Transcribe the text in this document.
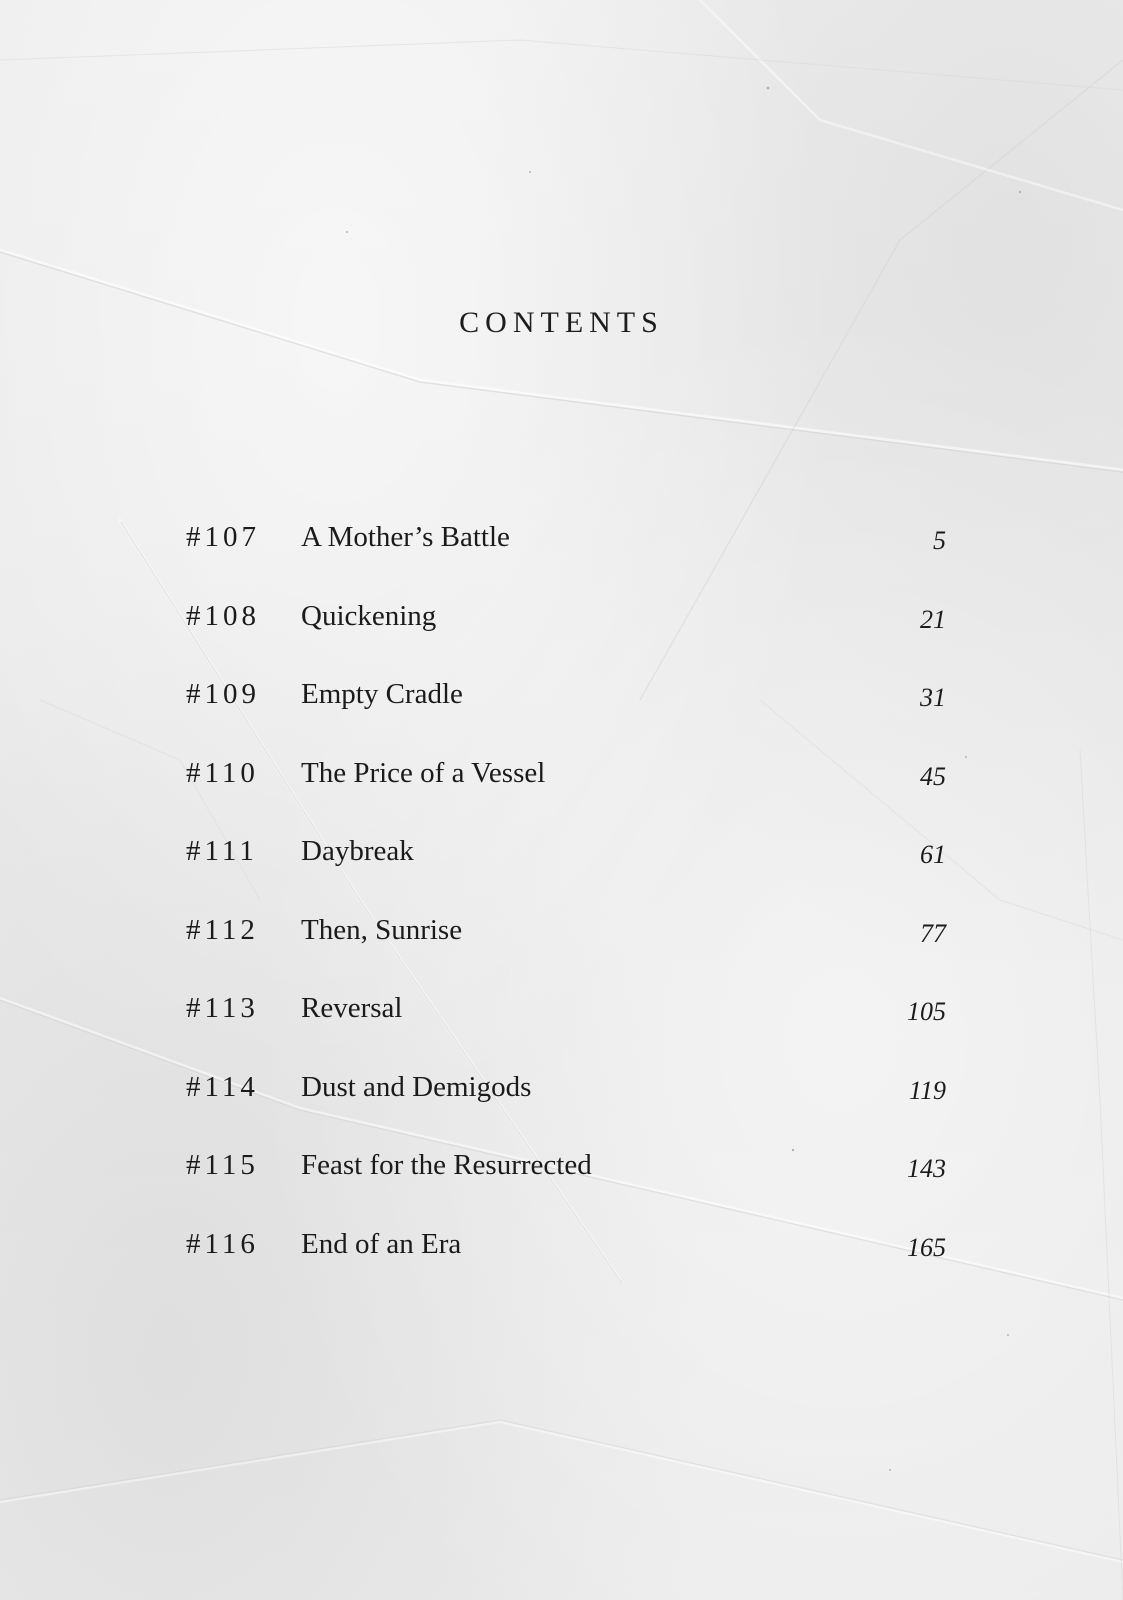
CONTENTS
#107 A Mother’s Battle	5
#108 Quickening	21
#109 Empty Cradle	31
#110 The Price of a Vessel	45
#111 Daybreak	61
#112 Then, Sunrise	77
#113 Reversal	105
#114 Dust and Demigods	119
#115 Feast for the Resurrected	143
#116 End of an Era	165
